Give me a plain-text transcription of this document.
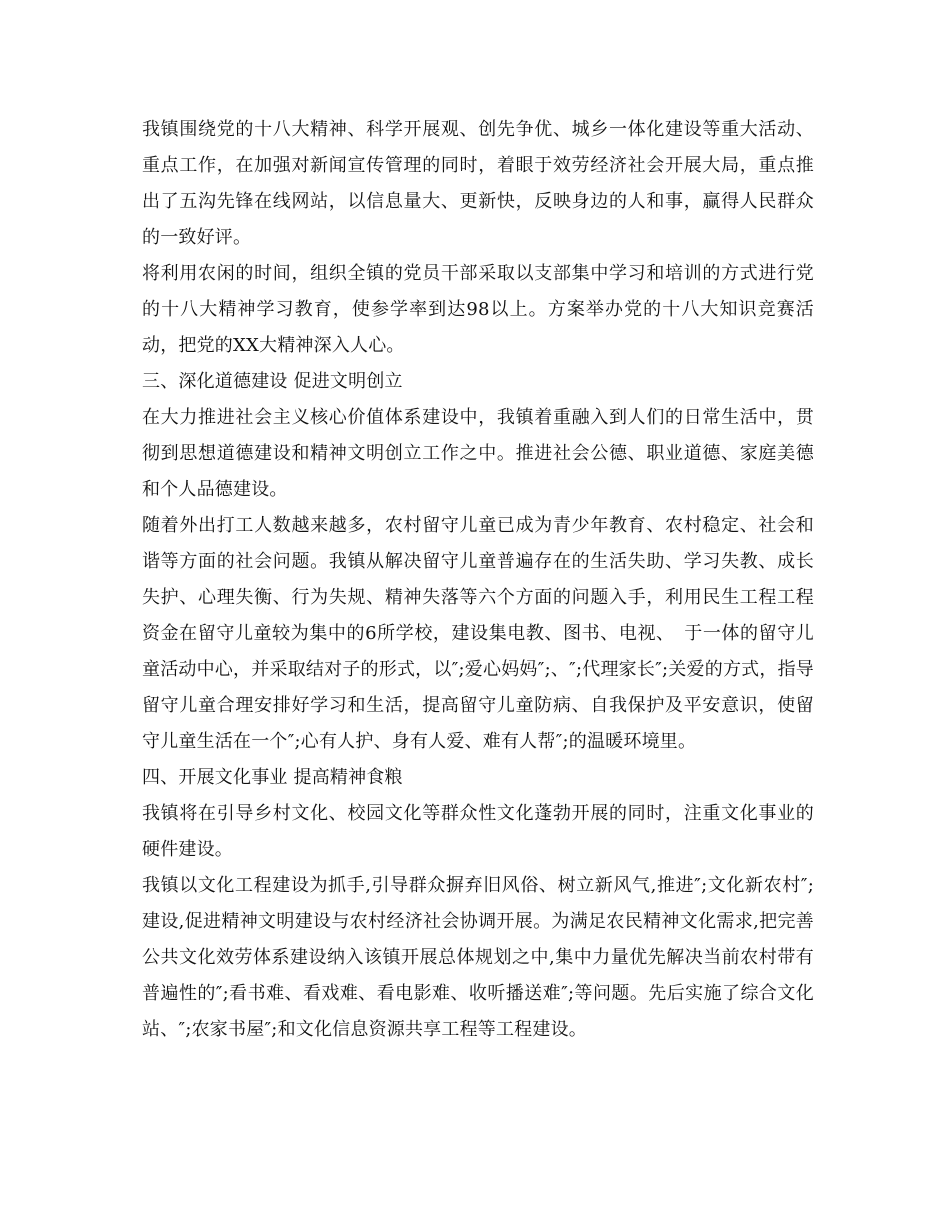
我镇围绕党的十八大精神、科学开展观、创先争优、城乡一体化建设等重大活动、重点工作，在加强对新闻宣传管理的同时，着眼于效劳经济社会开展大局，重点推出了五沟先锋在线网站，以信息量大、更新快，反映身边的人和事，赢得人民群众的一致好评。

将利用农闲的时间，组织全镇的党员干部采取以支部集中学习和培训的方式进行党的十八大精神学习教育，使参学率到达98以上。方案举办党的十八大知识竞赛活动，把党的XX大精神深入人心。

三、深化道德建设 促进文明创立

在大力推进社会主义核心价值体系建设中，我镇着重融入到人们的日常生活中，贯彻到思想道德建设和精神文明创立工作之中。推进社会公德、职业道德、家庭美德和个人品德建设。

随着外出打工人数越来越多，农村留守儿童已成为青少年教育、农村稳定、社会和谐等方面的社会问题。我镇从解决留守儿童普遍存在的生活失助、学习失教、成长失护、心理失衡、行为失规、精神失落等六个方面的问题入手，利用民生工程工程资金在留守儿童较为集中的6所学校，建设集电教、图书、电视、　于一体的留守儿童活动中心，并采取结对子的形式，以″;爱心妈妈″;、″;代理家长″;关爱的方式，指导留守儿童合理安排好学习和生活，提高留守儿童防病、自我保护及平安意识，使留守儿童生活在一个″;心有人护、身有人爱、难有人帮″;的温暖环境里。

四、开展文化事业 提高精神食粮

我镇将在引导乡村文化、校园文化等群众性文化蓬勃开展的同时，注重文化事业的硬件建设。

我镇以文化工程建设为抓手,引导群众摒弃旧风俗、树立新风气,推进″;文化新农村″;建设,促进精神文明建设与农村经济社会协调开展。为满足农民精神文化需求,把完善公共文化效劳体系建设纳入该镇开展总体规划之中,集中力量优先解决当前农村带有普遍性的″;看书难、看戏难、看电影难、收听播送难″;等问题。先后实施了综合文化站、″;农家书屋″;和文化信息资源共享工程等工程建设。
